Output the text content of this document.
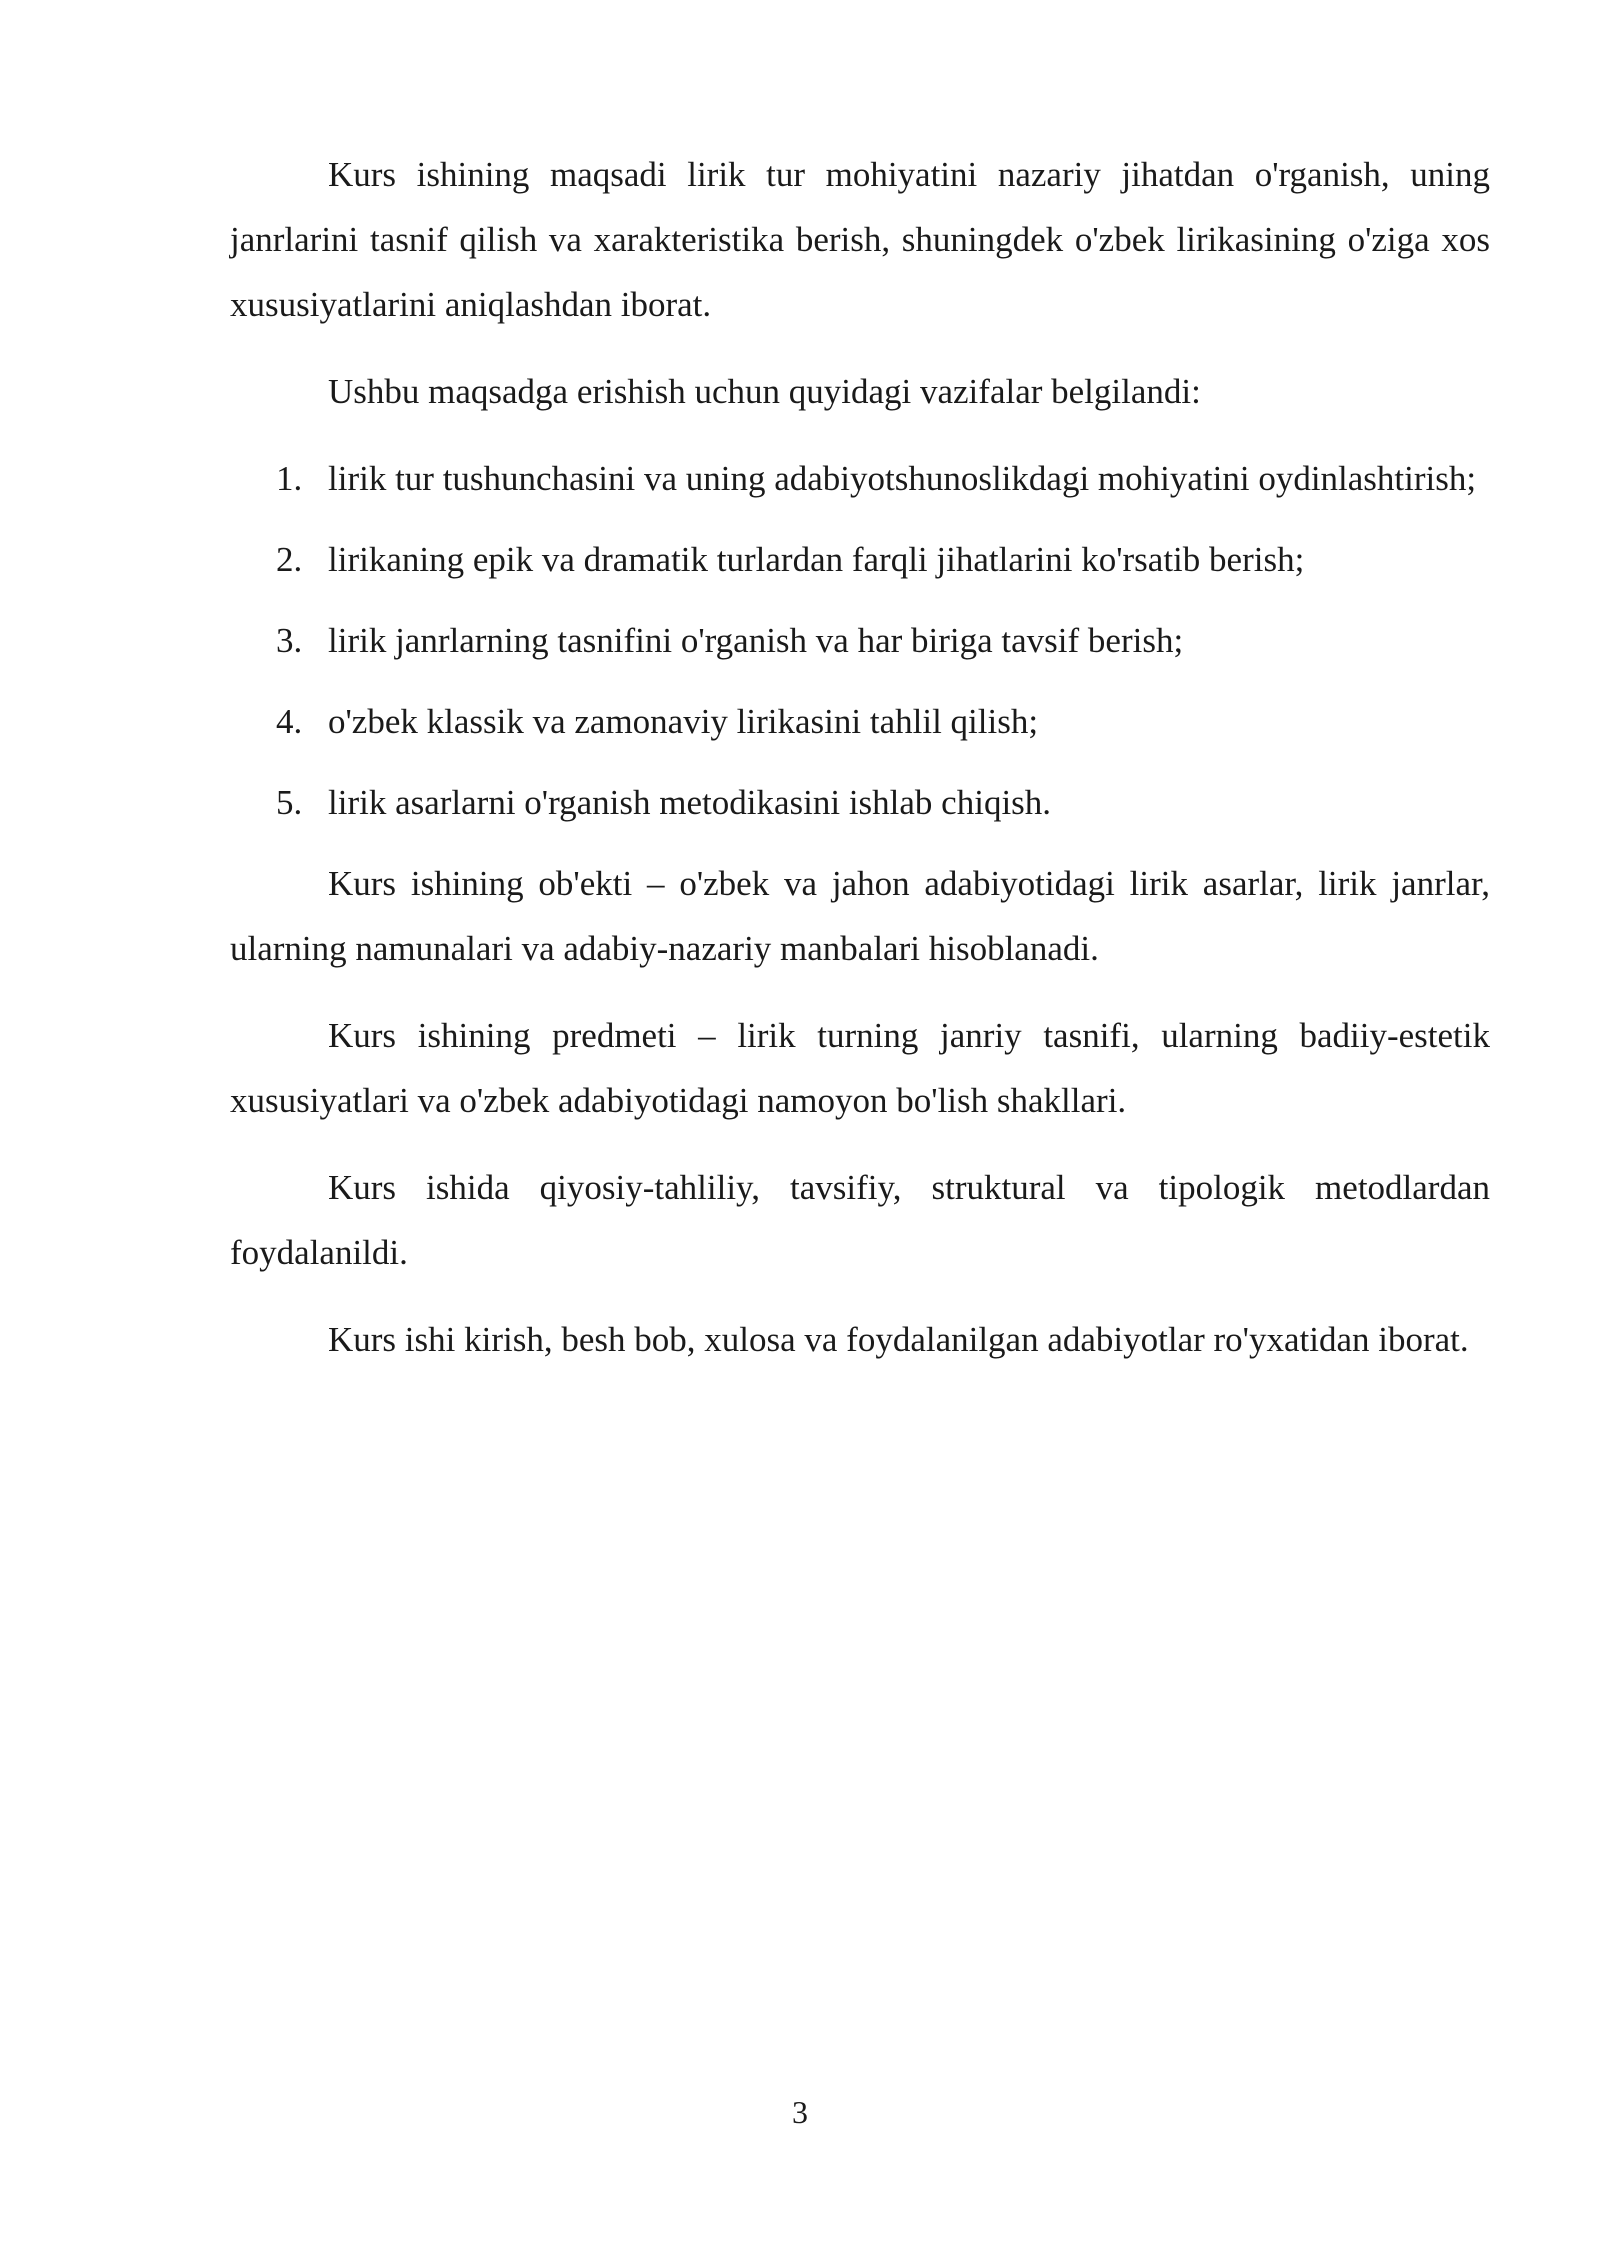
Kurs ishining maqsadi lirik tur mohiyatini nazariy jihatdan o'rganish, uning janrlarini tasnif qilish va xarakteristika berish, shuningdek o'zbek lirikasining o'ziga xos xususiyatlarini aniqlashdan iborat.

Ushbu maqsadga erishish uchun quyidagi vazifalar belgilandi:

1. lirik tur tushunchasini va uning adabiyotshunoslikdagi mohiyatini oydinlashtirish;
2. lirikaning epik va dramatik turlardan farqli jihatlarini ko'rsatib berish;
3. lirik janrlarning tasnifini o'rganish va har biriga tavsif berish;
4. o'zbek klassik va zamonaviy lirikasini tahlil qilish;
5. lirik asarlarni o'rganish metodikasini ishlab chiqish.

Kurs ishining ob'ekti – o'zbek va jahon adabiyotidagi lirik asarlar, lirik janrlar, ularning namunalari va adabiy-nazariy manbalari hisoblanadi.

Kurs ishining predmeti – lirik turning janriy tasnifi, ularning badiiy-estetik xususiyatlari va o'zbek adabiyotidagi namoyon bo'lish shakllari.

Kurs ishida qiyosiy-tahliliy, tavsifiy, struktural va tipologik metodlardan foydalanildi.

Kurs ishi kirish, besh bob, xulosa va foydalanilgan adabiyotlar ro'yxatidan iborat.

3
